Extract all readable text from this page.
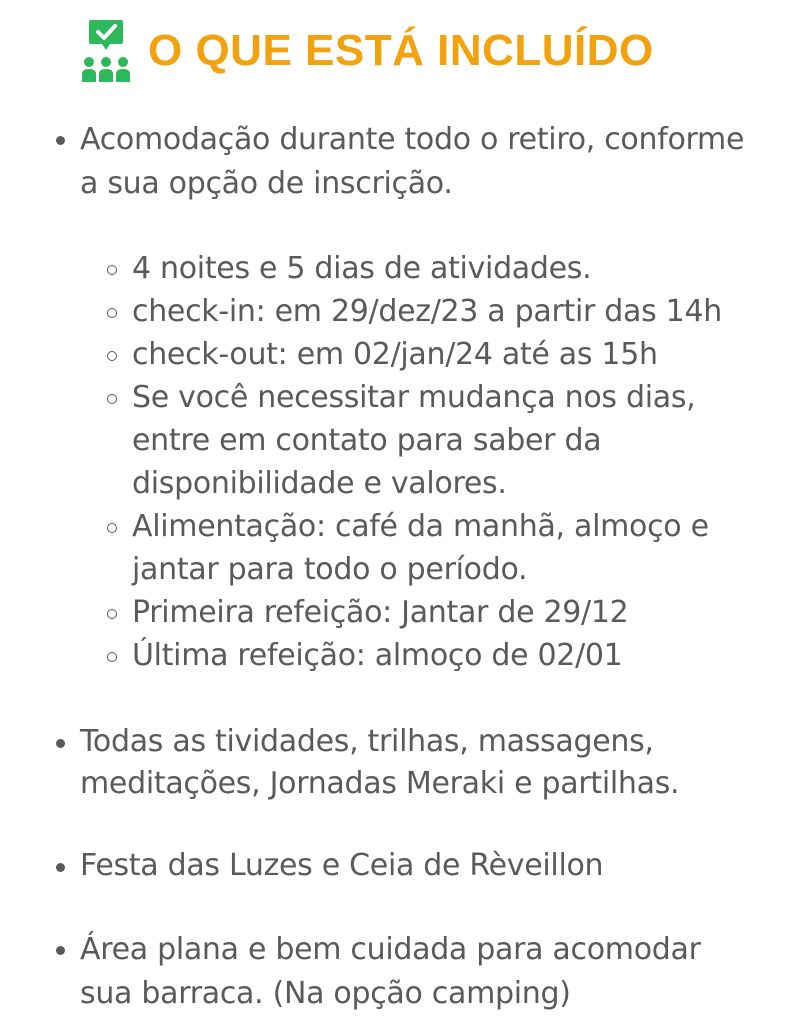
O QUE ESTÁ INCLUÍDO
Acomodação durante todo o retiro, conforme
a sua opção de inscrição.
4 noites e 5 dias de atividades.
check-in: em 29/dez/23 a partir das 14h
check-out: em 02/jan/24 até as 15h
Se você necessitar mudança nos dias,
entre em contato para saber da
disponibilidade e valores.
Alimentação: café da manhã, almoço e
jantar para todo o período.
Primeira refeição: Jantar de 29/12
Última refeição: almoço de 02/01
Todas as tividades, trilhas, massagens,
meditações, Jornadas Meraki e partilhas.
Festa das Luzes e Ceia de Rèveillon
Área plana e bem cuidada para acomodar
sua barraca. (Na opção camping)
